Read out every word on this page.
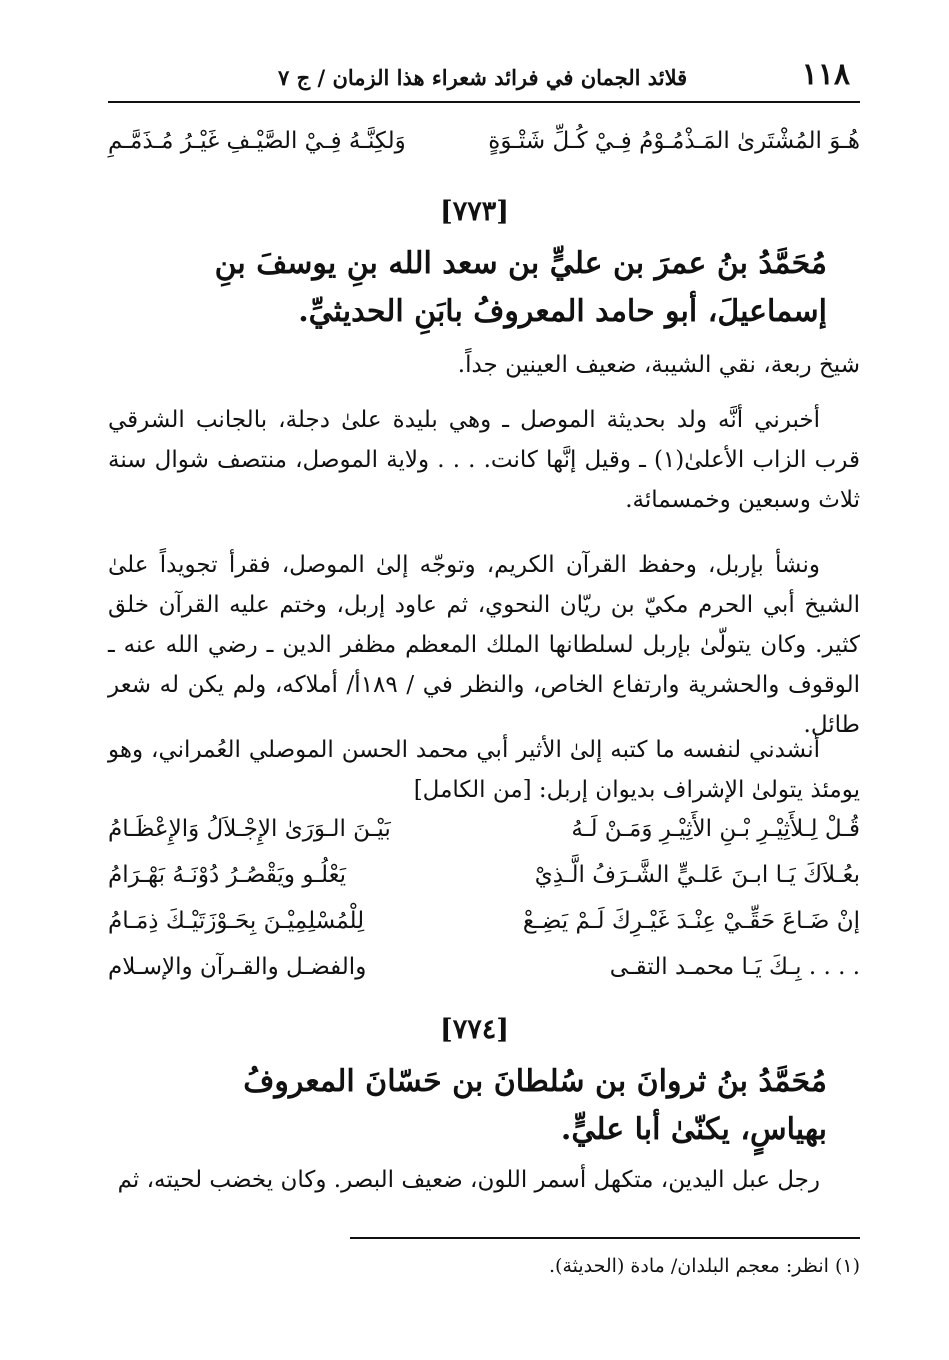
١١٨
قلائد الجمان في فرائد شعراء هذا الزمان / ج ٧
هُـوَ المُشْتَرىٰ المَـذْمُـوْمُ فِـيْ كُـلِّ شَتْـوَةٍ
وَلكِنَّـهُ فِـيْ الصَّيْـفِ غَيْـرُ مُـذَمَّـمِ
[٧٧٣]
مُحَمَّدُ بنُ عمرَ بن عليٍّ بن سعد الله بنِ يوسفَ بنِ إسماعيلَ، أبو حامد المعروفُ بابَنِ الحديثيِّ.
شيخ ربعة، نقي الشيبة، ضعيف العينين جداً.
أخبرني أنَّه ولد بحديثة الموصل ـ وهي بليدة علىٰ دجلة، بالجانب الشرقي قرب الزاب الأعلىٰ(١) ـ وقيل إنَّها كانت. . . . ولاية الموصل، منتصف شوال سنة ثلاث وسبعين وخمسمائة.
ونشأ بإربل، وحفظ القرآن الكريم، وتوجّه إلىٰ الموصل، فقرأ تجويداً علىٰ الشيخ أبي الحرم مكيّ بن ريّان النحوي، ثم عاود إربل، وختم عليه القرآن خلق كثير. وكان يتولّىٰ بإربل لسلطانها الملك المعظم مظفر الدين ـ رضي الله عنه ـ الوقوف والحشرية وارتفاع الخاص، والنظر في / ١٨٩أ/ أملاكه، ولم يكن له شعر طائل.
أنشدني لنفسه ما كتبه إلىٰ الأثير أبي محمد الحسن الموصلي العُمراني، وهو يومئذ يتولىٰ الإشراف بديوان إربل: [من الكامل]
قُـلْ لِـلأَثِيْـرِ بْـنِ الأَثِيْـرِ وَمَـنْ لَـهُ
بَيْـنَ الـوَرَىٰ الإِجْـلاَلُ وَالإِعْظَـامُ
بعُـلاَكَ يَـا ابـنَ عَلـيٍّ الشَّـرَفُ الَّـذِيْ
يَعْلُـو ويَقْصُـرُ دُوْنَـهُ بَهْـرَامُ
إنْ ضَـاعَ حَقِّـيْ عِنْـدَ غَيْـرِكَ لَـمْ يَضِـعْ
لِلْمُسْلِمِيْـنَ بِحَـوْزَتَيْـكَ ذِمَـامُ
. . . . بِـكَ يَـا محمـد التقـى
والفضـل والقـرآن والإسـلام
[٧٧٤]
مُحَمَّدُ بنُ ثروانَ بن سُلطانَ بن حَسّانَ المعروفُ بهياسٍ، يكنّىٰ أبا عليٍّ.
رجل عبل اليدين، متكهل أسمر اللون، ضعيف البصر. وكان يخضب لحيته، ثم
(١) انظر: معجم البلدان/ مادة (الحديثة).
